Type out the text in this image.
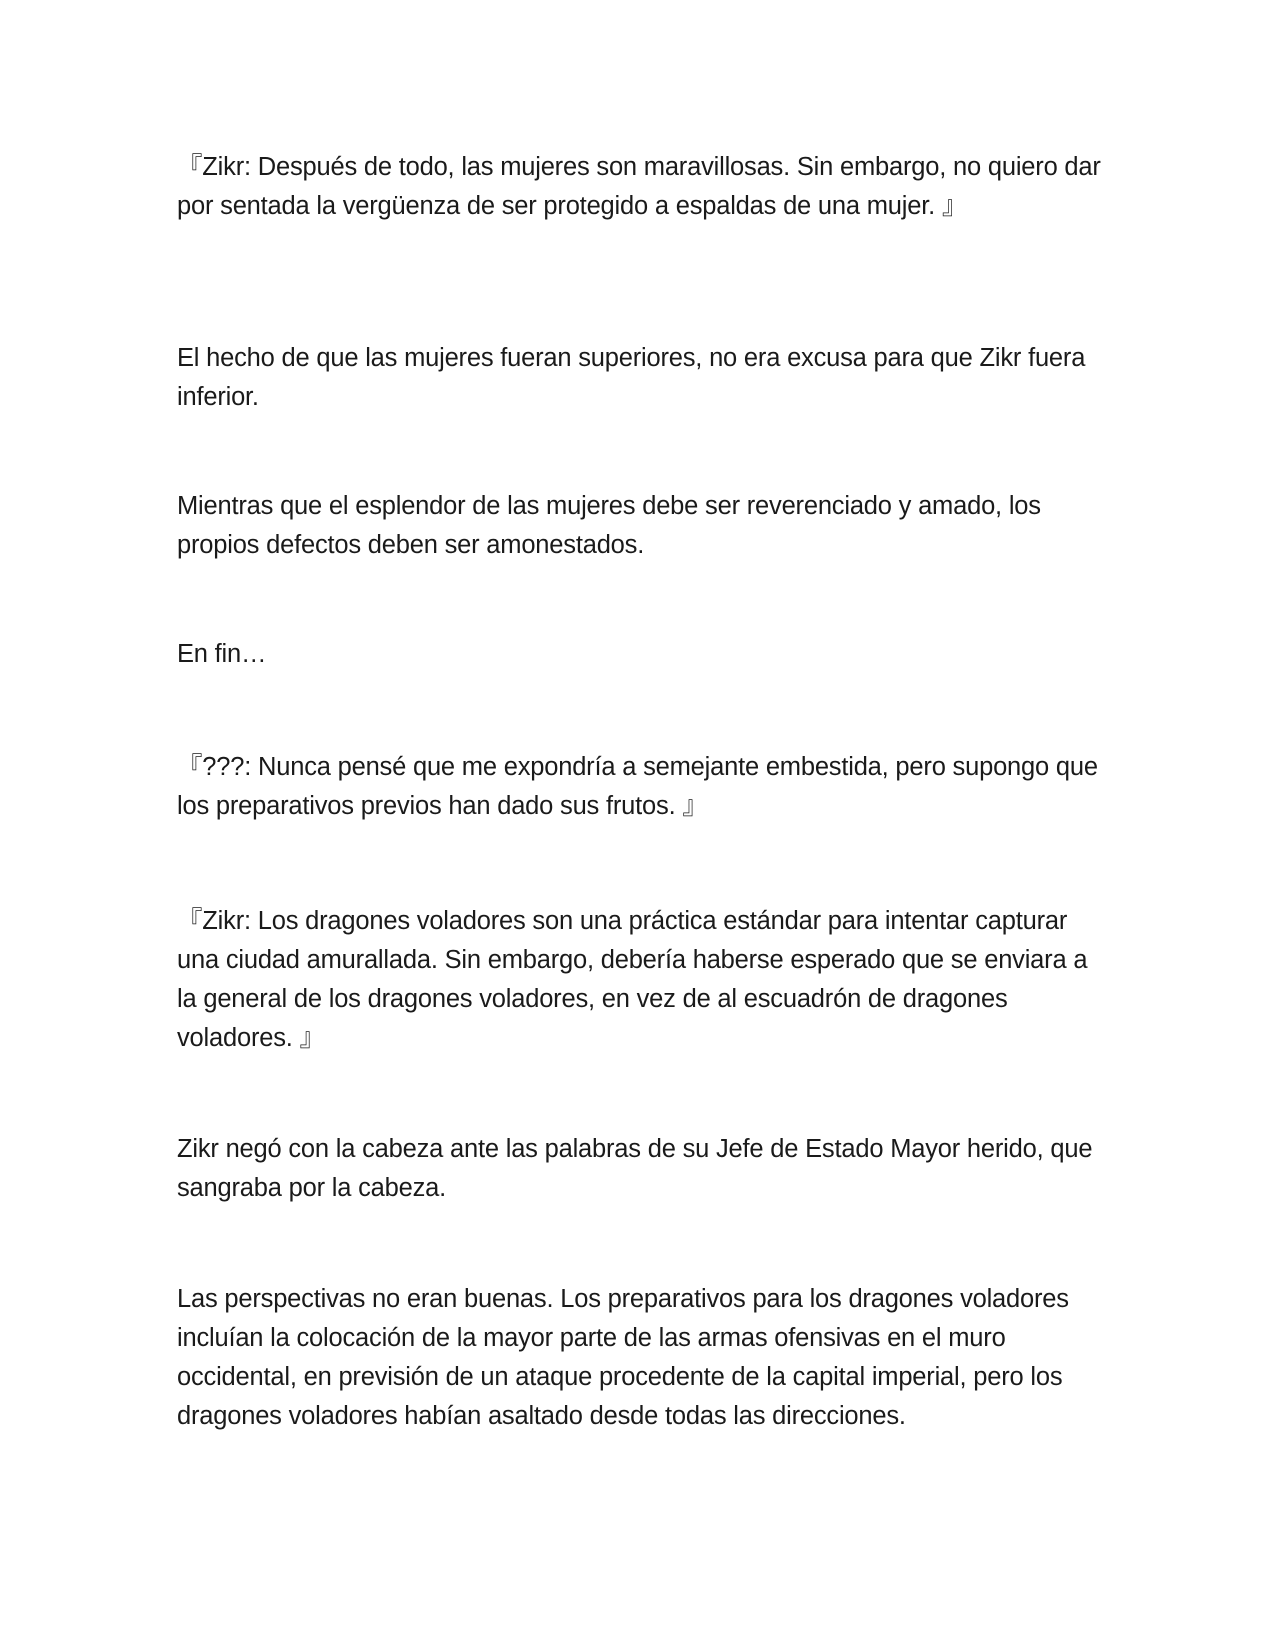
『Zikr: Después de todo, las mujeres son maravillosas. Sin embargo, no quiero dar por sentada la vergüenza de ser protegido a espaldas de una mujer. 』

El hecho de que las mujeres fueran superiores, no era excusa para que Zikr fuera inferior.

Mientras que el esplendor de las mujeres debe ser reverenciado y amado, los propios defectos deben ser amonestados.

En fin…

『???: Nunca pensé que me expondría a semejante embestida, pero supongo que los preparativos previos han dado sus frutos. 』

『Zikr: Los dragones voladores son una práctica estándar para intentar capturar una ciudad amurallada. Sin embargo, debería haberse esperado que se enviara a la general de los dragones voladores, en vez de al escuadrón de dragones voladores. 』

Zikr negó con la cabeza ante las palabras de su Jefe de Estado Mayor herido, que sangraba por la cabeza.

Las perspectivas no eran buenas. Los preparativos para los dragones voladores incluían la colocación de la mayor parte de las armas ofensivas en el muro occidental, en previsión de un ataque procedente de la capital imperial, pero los dragones voladores habían asaltado desde todas las direcciones.
